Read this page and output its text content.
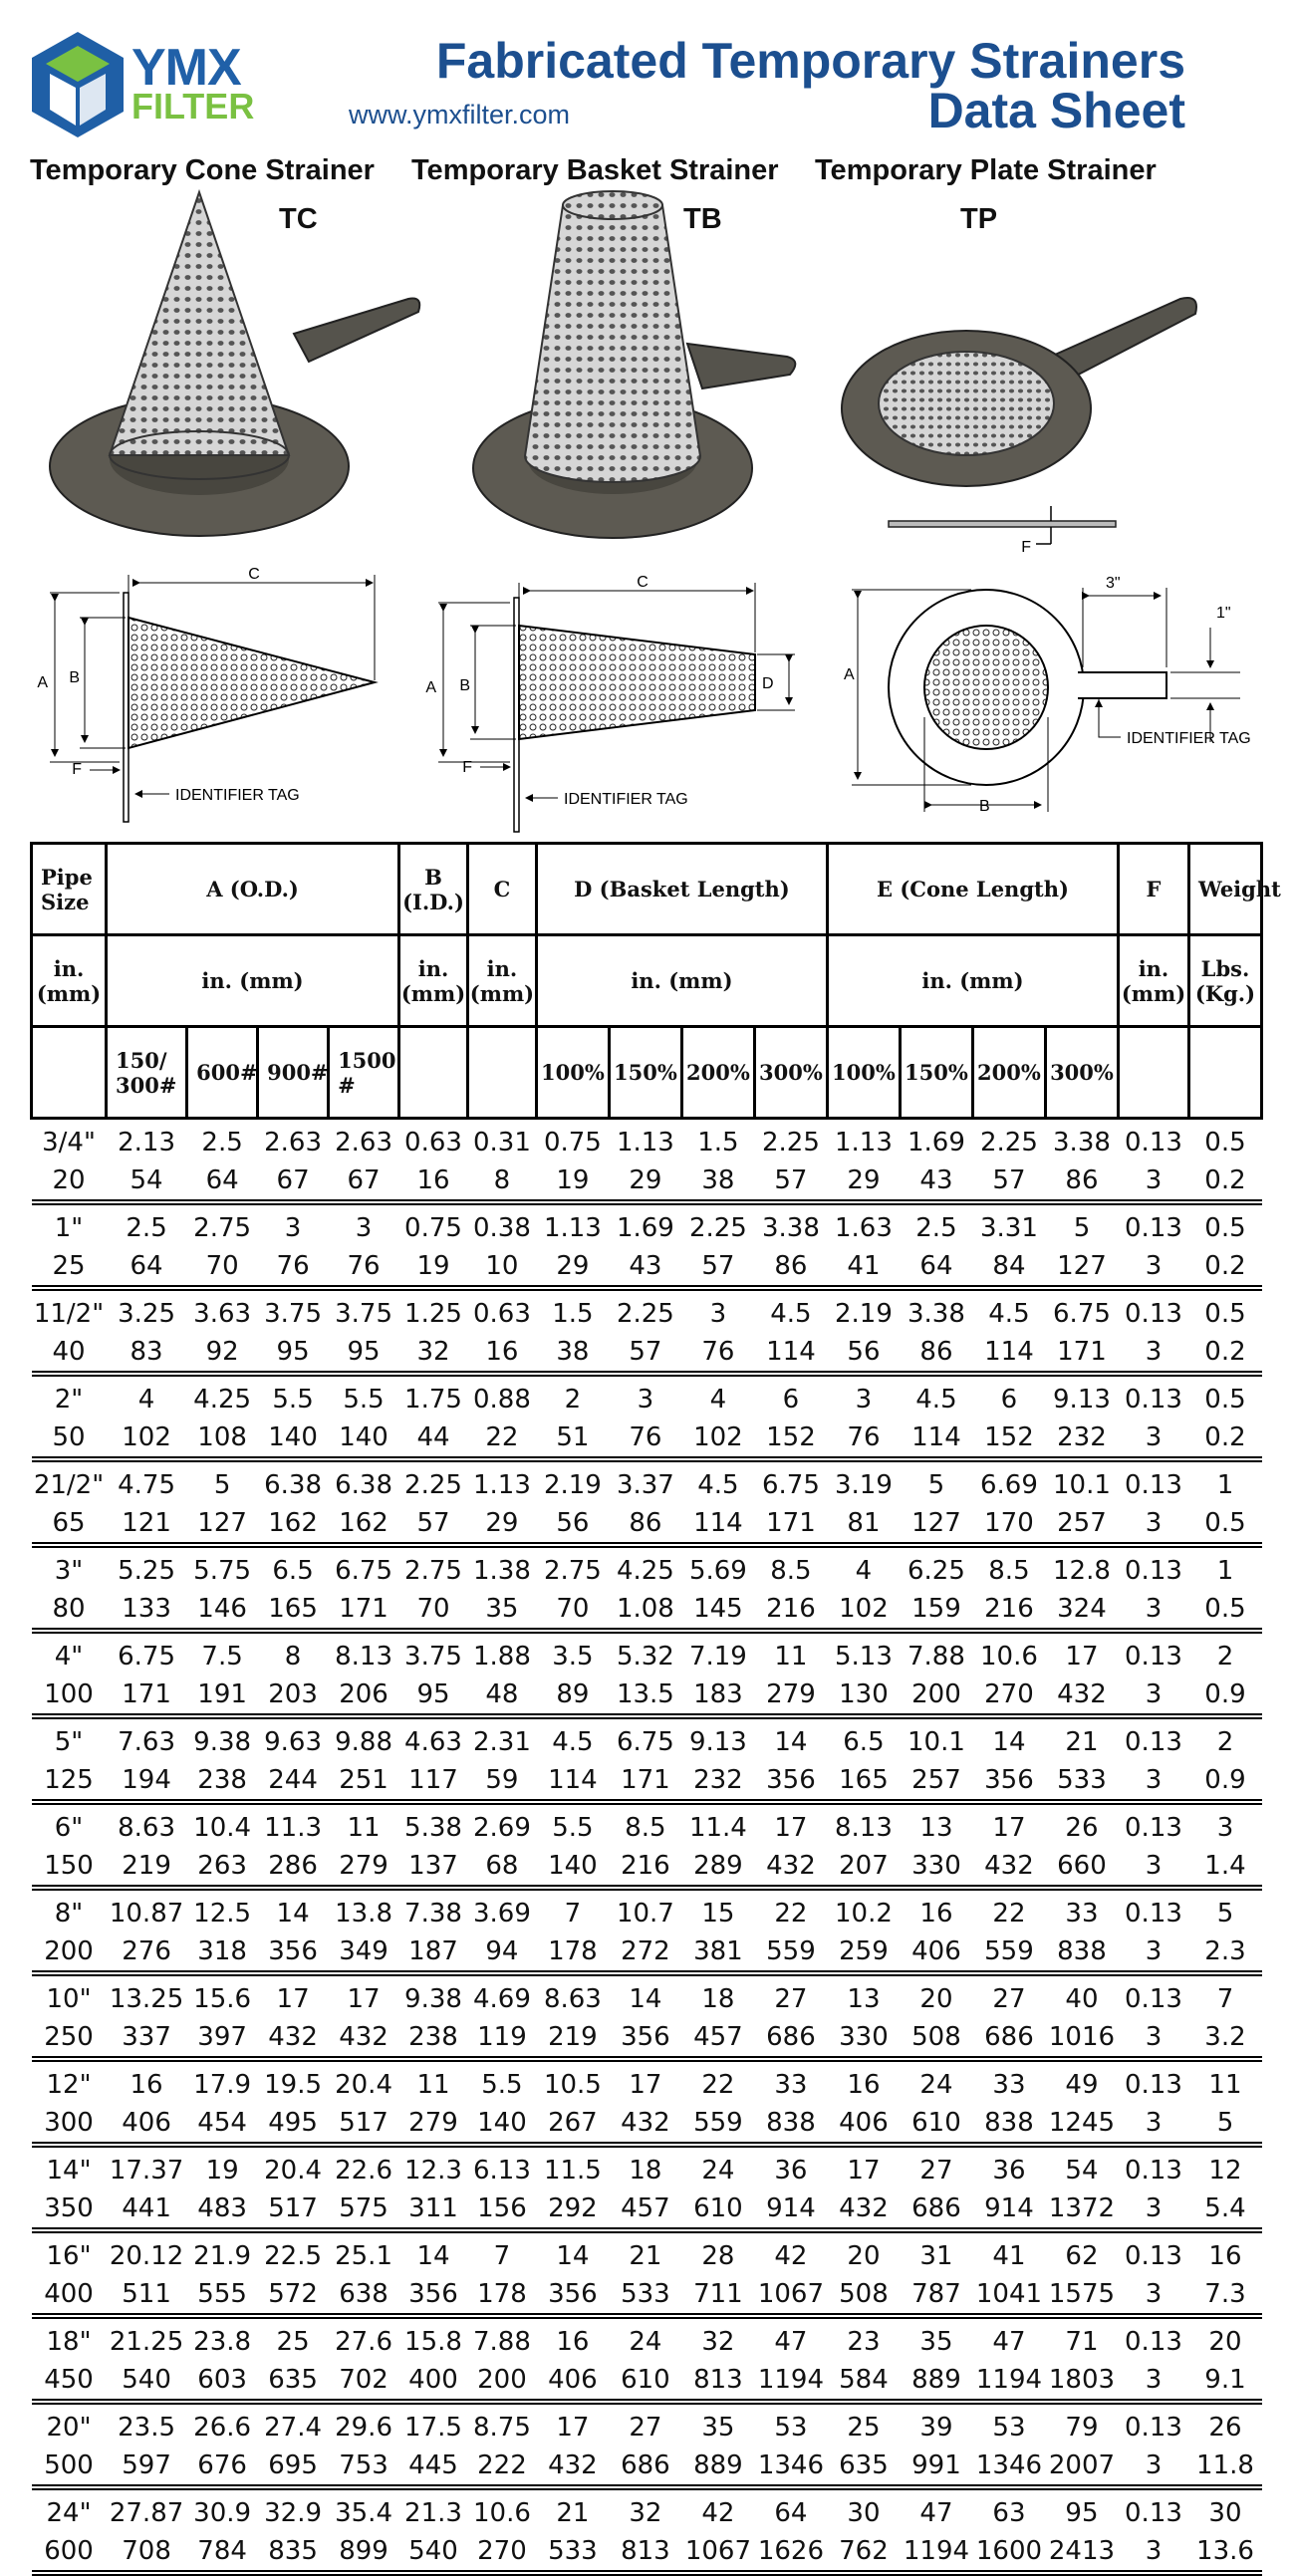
YMX
FILTER
Fabricated Temporary Strainers
Data Sheet
www.ymxfilter.com
Temporary Cone Strainer Temporary Basket Strainer Temporary Plate Strainer
TC	TB	TP
F
C
A B
F
IDENTIFIER TAG
C
A B	D
F
IDENTIFIER TAG
3"
1"
A
B
IDENTIFIER TAG
Pipe Size	A (O.D.)				B (I.D.)	C	D (Basket Length)				E (Cone Length)				F	Weight
in. (mm)	in. (mm)				in. (mm)	in. (mm)	in. (mm)				in. (mm)				in. (mm)	Lbs. (Kg.)
	150/ 300#	600#	900#	1500 #			100%	150%	200%	300%	100%	150%	200%	300%		
3/4"	2.13	2.5	2.63	2.63	0.63	0.31	0.75	1.13	1.5	2.25	1.13	1.69	2.25	3.38	0.13	0.5
20	54	64	67	67	16	8	19	29	38	57	29	43	57	86	3	0.2
1"	2.5	2.75	3	3	0.75	0.38	1.13	1.69	2.25	3.38	1.63	2.5	3.31	5	0.13	0.5
25	64	70	76	76	19	10	29	43	57	86	41	64	84	127	3	0.2
11/2"	3.25	3.63	3.75	3.75	1.25	0.63	1.5	2.25	3	4.5	2.19	3.38	4.5	6.75	0.13	0.5
40	83	92	95	95	32	16	38	57	76	114	56	86	114	171	3	0.2
2"	4	4.25	5.5	5.5	1.75	0.88	2	3	4	6	3	4.5	6	9.13	0.13	0.5
50	102	108	140	140	44	22	51	76	102	152	76	114	152	232	3	0.2
21/2"	4.75	5	6.38	6.38	2.25	1.13	2.19	3.37	4.5	6.75	3.19	5	6.69	10.1	0.13	1
65	121	127	162	162	57	29	56	86	114	171	81	127	170	257	3	0.5
3"	5.25	5.75	6.5	6.75	2.75	1.38	2.75	4.25	5.69	8.5	4	6.25	8.5	12.8	0.13	1
80	133	146	165	171	70	35	70	1.08	145	216	102	159	216	324	3	0.5
4"	6.75	7.5	8	8.13	3.75	1.88	3.5	5.32	7.19	11	5.13	7.88	10.6	17	0.13	2
100	171	191	203	206	95	48	89	13.5	183	279	130	200	270	432	3	0.9
5"	7.63	9.38	9.63	9.88	4.63	2.31	4.5	6.75	9.13	14	6.5	10.1	14	21	0.13	2
125	194	238	244	251	117	59	114	171	232	356	165	257	356	533	3	0.9
6"	8.63	10.4	11.3	11	5.38	2.69	5.5	8.5	11.4	17	8.13	13	17	26	0.13	3
150	219	263	286	279	137	68	140	216	289	432	207	330	432	660	3	1.4
8"	10.87	12.5	14	13.8	7.38	3.69	7	10.7	15	22	10.2	16	22	33	0.13	5
200	276	318	356	349	187	94	178	272	381	559	259	406	559	838	3	2.3
10"	13.25	15.6	17	17	9.38	4.69	8.63	14	18	27	13	20	27	40	0.13	7
250	337	397	432	432	238	119	219	356	457	686	330	508	686	1016	3	3.2
12"	16	17.9	19.5	20.4	11	5.5	10.5	17	22	33	16	24	33	49	0.13	11
300	406	454	495	517	279	140	267	432	559	838	406	610	838	1245	3	5
14"	17.37	19	20.4	22.6	12.3	6.13	11.5	18	24	36	17	27	36	54	0.13	12
350	441	483	517	575	311	156	292	457	610	914	432	686	914	1372	3	5.4
16"	20.12	21.9	22.5	25.1	14	7	14	21	28	42	20	31	41	62	0.13	16
400	511	555	572	638	356	178	356	533	711	1067	508	787	1041	1575	3	7.3
18"	21.25	23.8	25	27.6	15.8	7.88	16	24	32	47	23	35	47	71	0.13	20
450	540	603	635	702	400	200	406	610	813	1194	584	889	1194	1803	3	9.1
20"	23.5	26.6	27.4	29.6	17.5	8.75	17	27	35	53	25	39	53	79	0.13	26
500	597	676	695	753	445	222	432	686	889	1346	635	991	1346	2007	3	11.8
24"	27.87	30.9	32.9	35.4	21.3	10.6	21	32	42	64	30	47	63	95	0.13	30
600	708	784	835	899	540	270	533	813	1067	1626	762	1194	1600	2413	3	13.6
